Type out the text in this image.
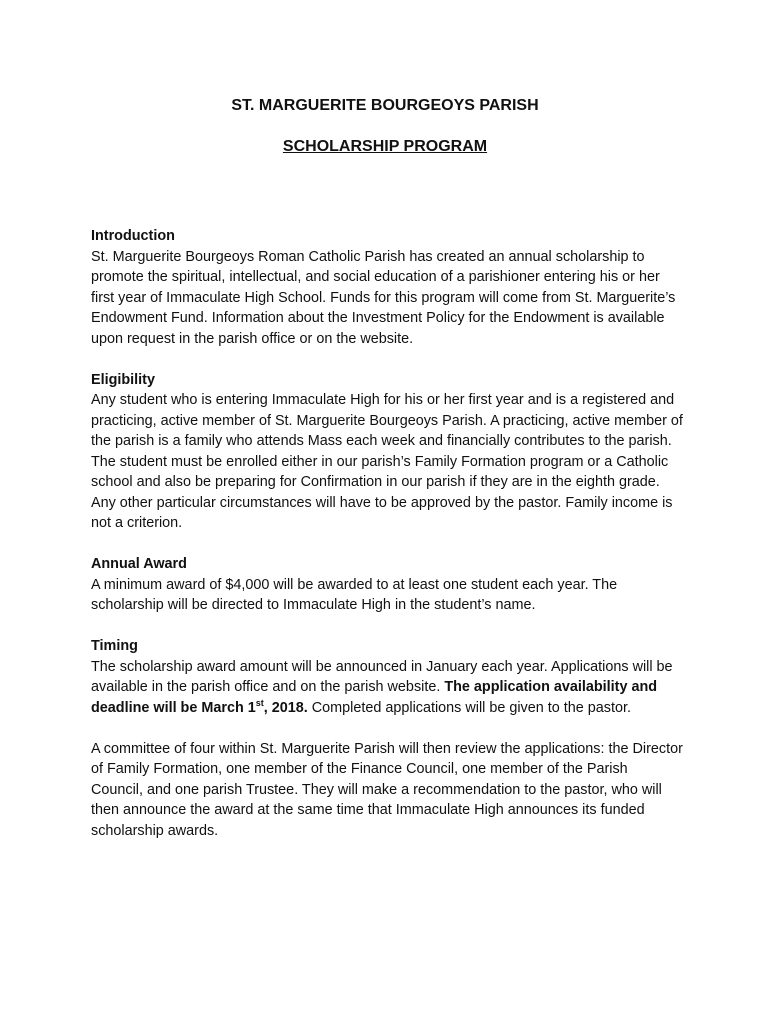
ST. MARGUERITE BOURGEOYS PARISH
SCHOLARSHIP PROGRAM

Introduction

St. Marguerite Bourgeoys Roman Catholic Parish has created an annual scholarship to promote the spiritual, intellectual, and social education of a parishioner entering his or her first year of Immaculate High School. Funds for this program will come from St. Marguerite’s Endowment Fund. Information about the Investment Policy for the Endowment is available upon request in the parish office or on the website.

Eligibility

Any student who is entering Immaculate High for his or her first year and is a registered and practicing, active member of St. Marguerite Bourgeoys Parish. A practicing, active member of the parish is a family who attends Mass each week and financially contributes to the parish. The student must be enrolled either in our parish’s Family Formation program or a Catholic school and also be preparing for Confirmation in our parish if they are in the eighth grade. Any other particular circumstances will have to be approved by the pastor. Family income is not a criterion.

Annual Award

A minimum award of $4,000 will be awarded to at least one student each year. The scholarship will be directed to Immaculate High in the student’s name.

Timing

The scholarship award amount will be announced in January each year. Applications will be available in the parish office and on the parish website. The application availability and deadline will be March 1st, 2018. Completed applications will be given to the pastor.

A committee of four within St. Marguerite Parish will then review the applications: the Director of Family Formation, one member of the Finance Council, one member of the Parish Council, and one parish Trustee. They will make a recommendation to the pastor, who will then announce the award at the same time that Immaculate High announces its funded scholarship awards.
